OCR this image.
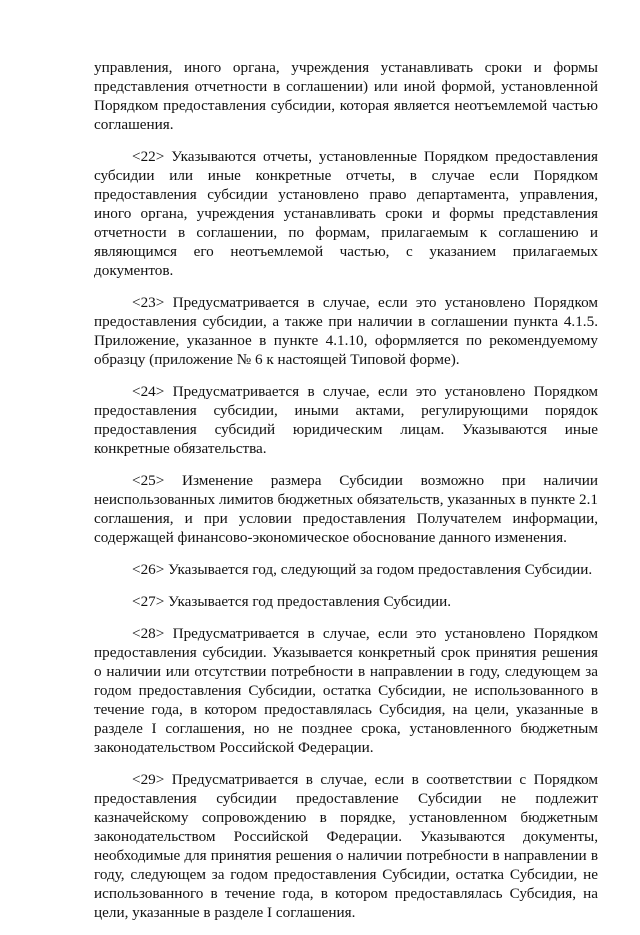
управления, иного органа, учреждения устанавливать сроки и формы представления отчетности в соглашении) или иной формой, установленной Порядком предоставления субсидии, которая является неотъемлемой частью соглашения.

<22> Указываются отчеты, установленные Порядком предоставления субсидии или иные конкретные отчеты, в случае если Порядком предоставления субсидии установлено право департамента, управления, иного органа, учреждения устанавливать сроки и формы представления отчетности в соглашении, по формам, прилагаемым к соглашению и являющимся его неотъемлемой частью, с указанием прилагаемых документов.

<23> Предусматривается в случае, если это установлено Порядком предоставления субсидии, а также при наличии в соглашении пункта 4.1.5. Приложение, указанное в пункте 4.1.10, оформляется по рекомендуемому образцу (приложение № 6 к настоящей Типовой форме).

<24> Предусматривается в случае, если это установлено Порядком предоставления субсидии, иными актами, регулирующими порядок предоставления субсидий юридическим лицам. Указываются иные конкретные обязательства.

<25> Изменение размера Субсидии возможно при наличии неиспользованных лимитов бюджетных обязательств, указанных в пункте 2.1 соглашения, и при условии предоставления Получателем информации, содержащей финансово-экономическое обоснование данного изменения.

<26> Указывается год, следующий за годом предоставления Субсидии.

<27> Указывается год предоставления Субсидии.

<28> Предусматривается в случае, если это установлено Порядком предоставления субсидии. Указывается конкретный срок принятия решения о наличии или отсутствии потребности в направлении в году, следующем за годом предоставления Субсидии, остатка Субсидии, не использованного в течение года, в котором предоставлялась Субсидия, на цели, указанные в разделе I соглашения, но не позднее срока, установленного бюджетным законодательством Российской Федерации.

<29> Предусматривается в случае, если в соответствии с Порядком предоставления субсидии предоставление Субсидии не подлежит казначейскому сопровождению в порядке, установленном бюджетным законодательством Российской Федерации. Указываются документы, необходимые для принятия решения о наличии потребности в направлении в году, следующем за годом предоставления Субсидии, остатка Субсидии, не использованного в течение года, в котором предоставлялась Субсидия, на цели, указанные в разделе I соглашения.
